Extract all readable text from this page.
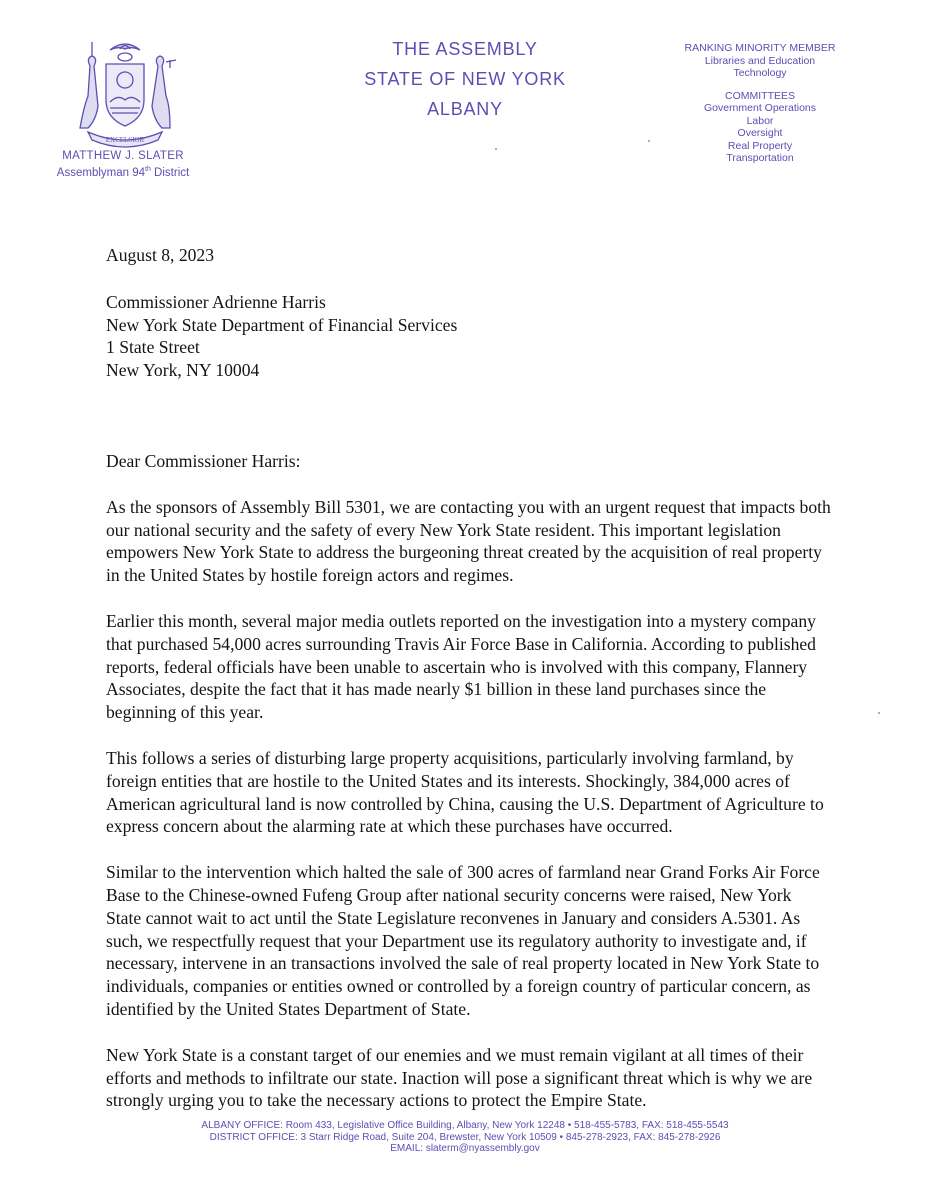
EXCELSIOR
MATTHEW J. SLATER
Assemblyman 94th District
THE ASSEMBLY
STATE OF NEW YORK
ALBANY
RANKING MINORITY MEMBER
Libraries and Education
Technology
COMMITTEES
Government Operations
Labor
Oversight
Real Property
Transportation
August 8, 2023
Commissioner Adrienne Harris
New York State Department of Financial Services
1 State Street
New York, NY 10004
Dear Commissioner Harris:

As the sponsors of Assembly Bill 5301, we are contacting you with an urgent request that impacts both our national security and the safety of every New York State resident. This important legislation empowers New York State to address the burgeoning threat created by the acquisition of real property in the United States by hostile foreign actors and regimes.

Earlier this month, several major media outlets reported on the investigation into a mystery company that purchased 54,000 acres surrounding Travis Air Force Base in California. According to published reports, federal officials have been unable to ascertain who is involved with this company, Flannery Associates, despite the fact that it has made nearly $1 billion in these land purchases since the beginning of this year.

This follows a series of disturbing large property acquisitions, particularly involving farmland, by foreign entities that are hostile to the United States and its interests. Shockingly, 384,000 acres of American agricultural land is now controlled by China, causing the U.S. Department of Agriculture to express concern about the alarming rate at which these purchases have occurred.

Similar to the intervention which halted the sale of 300 acres of farmland near Grand Forks Air Force Base to the Chinese-owned Fufeng Group after national security concerns were raised, New York State cannot wait to act until the State Legislature reconvenes in January and considers A.5301. As such, we respectfully request that your Department use its regulatory authority to investigate and, if necessary, intervene in an transactions involved the sale of real property located in New York State to individuals, companies or entities owned or controlled by a foreign country of particular concern, as identified by the United States Department of State.

New York State is a constant target of our enemies and we must remain vigilant at all times of their efforts and methods to infiltrate our state. Inaction will pose a significant threat which is why we are strongly urging you to take the necessary actions to protect the Empire State.

ALBANY OFFICE: Room 433, Legislative Office Building, Albany, New York 12248 • 518-455-5783, FAX: 518-455-5543
DISTRICT OFFICE: 3 Starr Ridge Road, Suite 204, Brewster, New York 10509 • 845-278-2923, FAX: 845-278-2926
EMAIL: slaterm@nyassembly.gov
